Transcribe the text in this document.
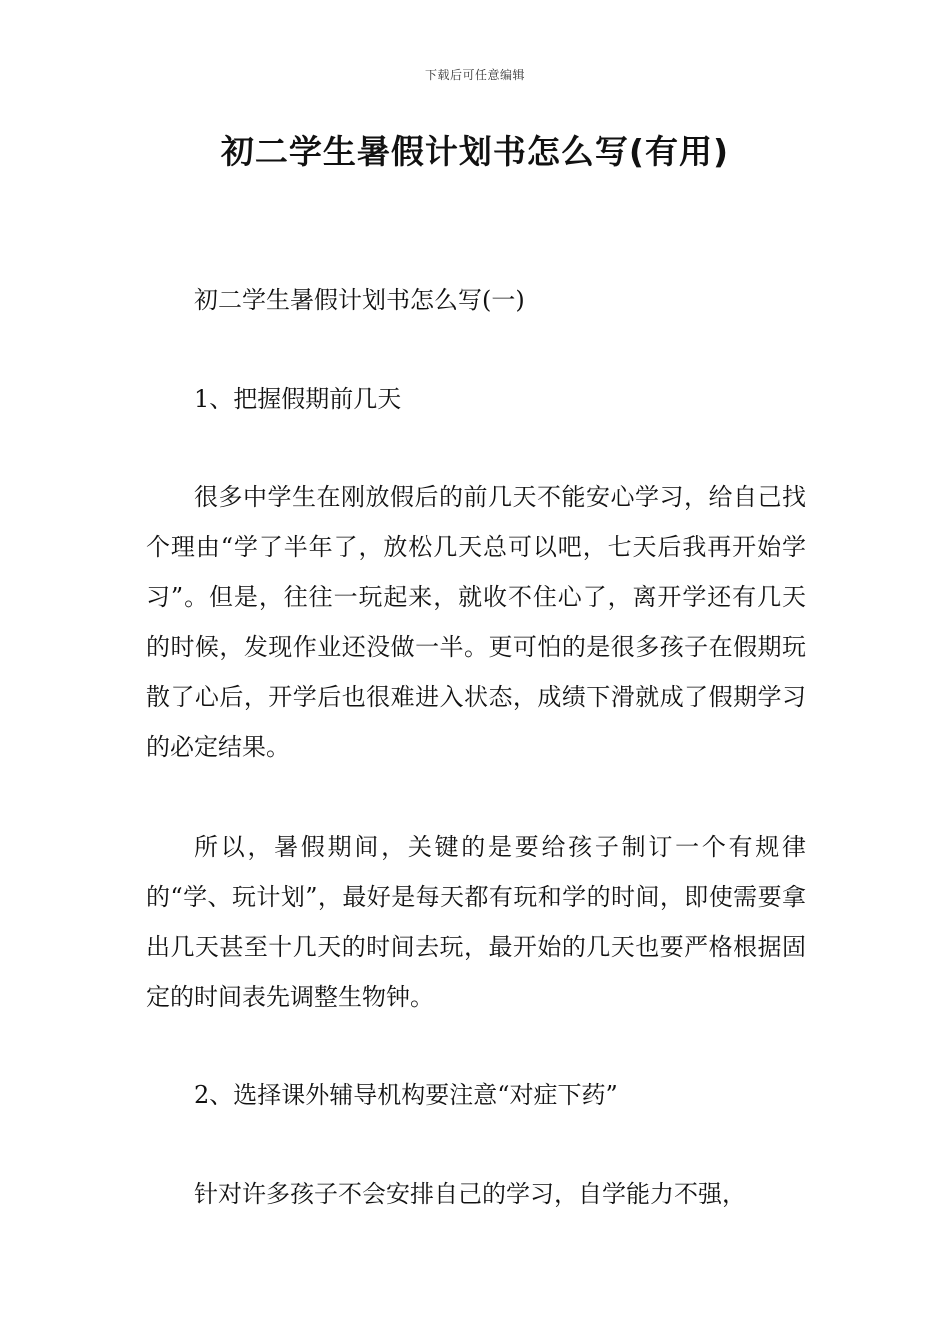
下载后可任意编辑
初二学生暑假计划书怎么写(有用)

初二学生暑假计划书怎么写(一)

1、把握假期前几天

很多中学生在刚放假后的前几天不能安心学习，给自己找个理由“学了半年了，放松几天总可以吧，七天后我再开始学习”。但是，往往一玩起来，就收不住心了，离开学还有几天的时候，发现作业还没做一半。更可怕的是很多孩子在假期玩散了心后，开学后也很难进入状态，成绩下滑就成了假期学习的必定结果。

所以，暑假期间，关键的是要给孩子制订一个有规律的“学、玩计划”，最好是每天都有玩和学的时间，即使需要拿出几天甚至十几天的时间去玩，最开始的几天也要严格根据固定的时间表先调整生物钟。

2、选择课外辅导机构要注意“对症下药”

针对许多孩子不会安排自己的学习，自学能力不强，
